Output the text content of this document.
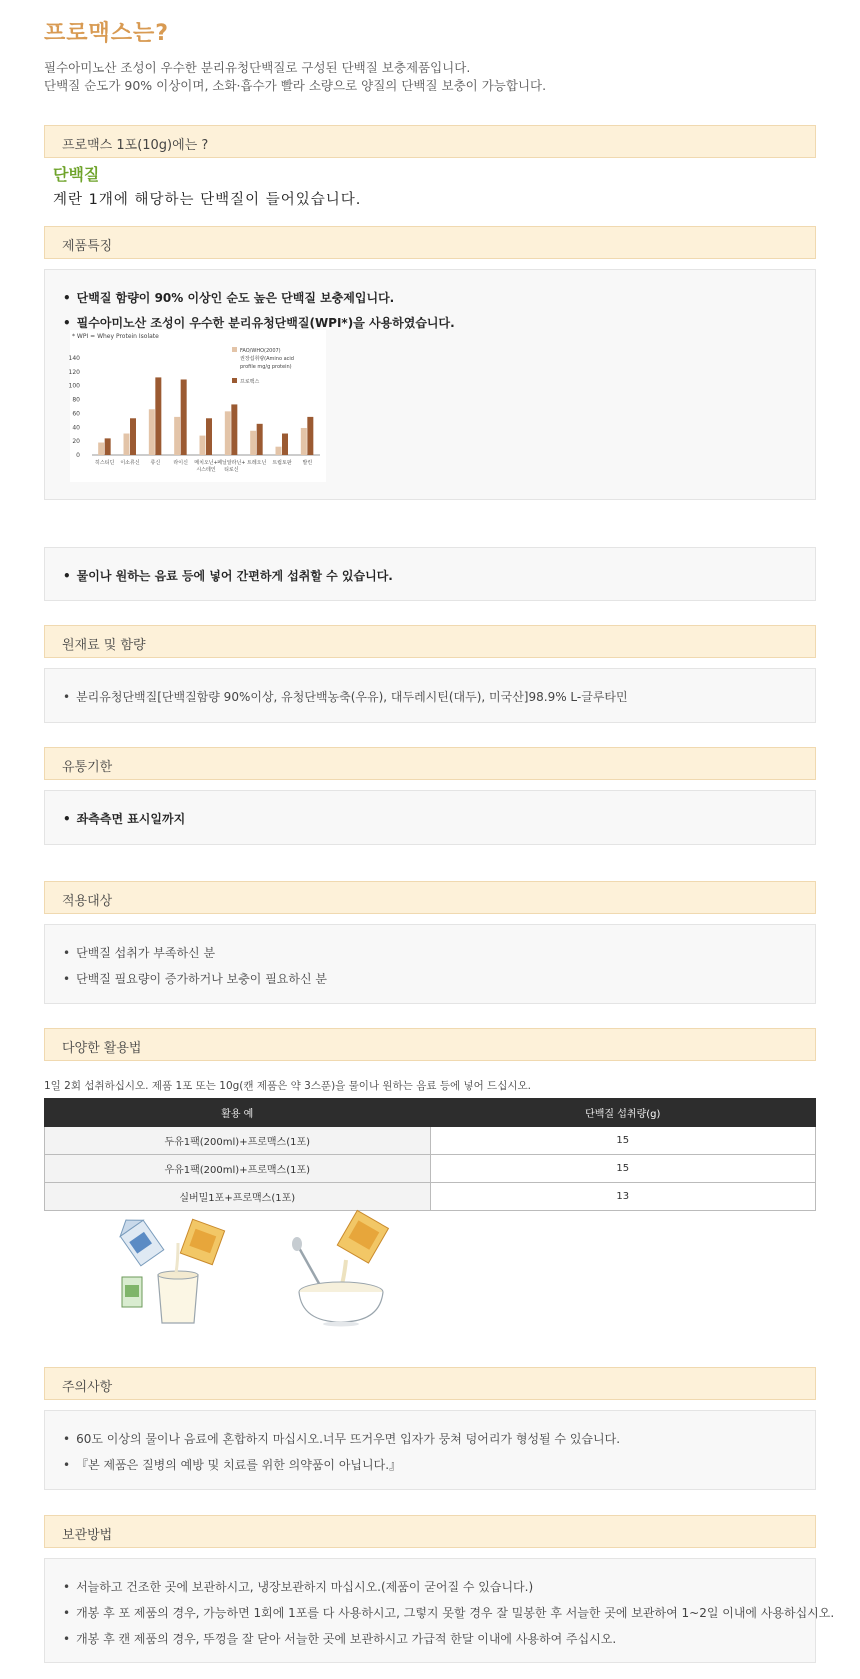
프로맥스는?
필수아미노산 조성이 우수한 분리유청단백질로 구성된 단백질 보충제품입니다.
단백질 순도가 90% 이상이며, 소화·흡수가 빨라 소량으로 양질의 단백질 보충이 가능합니다.
프로맥스 1포(10g)에는 ?
단백질
계란 1개에 해당하는 단백질이 들어있습니다.
제품특징
• 단백질 함량이 90% 이상인 순도 높은 단백질 보충제입니다.
• 필수아미노산 조성이 우수한 분리유청단백질(WPI*)을 사용하였습니다.
* WPI = Whey Protein Isolate
0
20
40
60
80
100
120
140
히스티딘 이소류신 류신	라이신 메치오닌+
시스테인
페닐알라닌+
티로신
트레오닌 트립토판 발린
FAO/WHO(2007)
권장섭취량(Amino acid
profile mg/g protein)
프로맥스
• 물이나 원하는 음료 등에 넣어 간편하게 섭취할 수 있습니다.
원재료 및 함량
• 분리유청단백질[단백질함량 90%이상, 유청단백농축(우유), 대두레시틴(대두), 미국산]98.9% L-글루타민
유통기한
• 좌측측면 표시일까지
적용대상
• 단백질 섭취가 부족하신 분
• 단백질 필요량이 증가하거나 보충이 필요하신 분
다양한 활용법
1일 2회 섭취하십시오. 제품 1포 또는 10g(캔 제품은 약 3스푼)을 물이나 원하는 음료 등에 넣어 드십시오.
활용 예	단백질 섭취량(g)
두유1팩(200ml)+프로맥스(1포)	15
우유1팩(200ml)+프로맥스(1포)	15
실버밀1포+프로맥스(1포)	13
주의사항
• 60도 이상의 물이나 음료에 혼합하지 마십시오.너무 뜨거우면 입자가 뭉쳐 덩어리가 형성될 수 있습니다.
• 『본 제품은 질병의 예방 및 치료를 위한 의약품이 아닙니다.』
보관방법
• 서늘하고 건조한 곳에 보관하시고, 냉장보관하지 마십시오.(제품이 굳어질 수 있습니다.)
• 개봉 후 포 제품의 경우, 가능하면 1회에 1포를 다 사용하시고, 그렇지 못할 경우 잘 밀봉한 후 서늘한 곳에 보관하여 1~2일 이내에 사용하십시오.
• 개봉 후 캔 제품의 경우, 뚜껑을 잘 닫아 서늘한 곳에 보관하시고 가급적 한달 이내에 사용하여 주십시오.
